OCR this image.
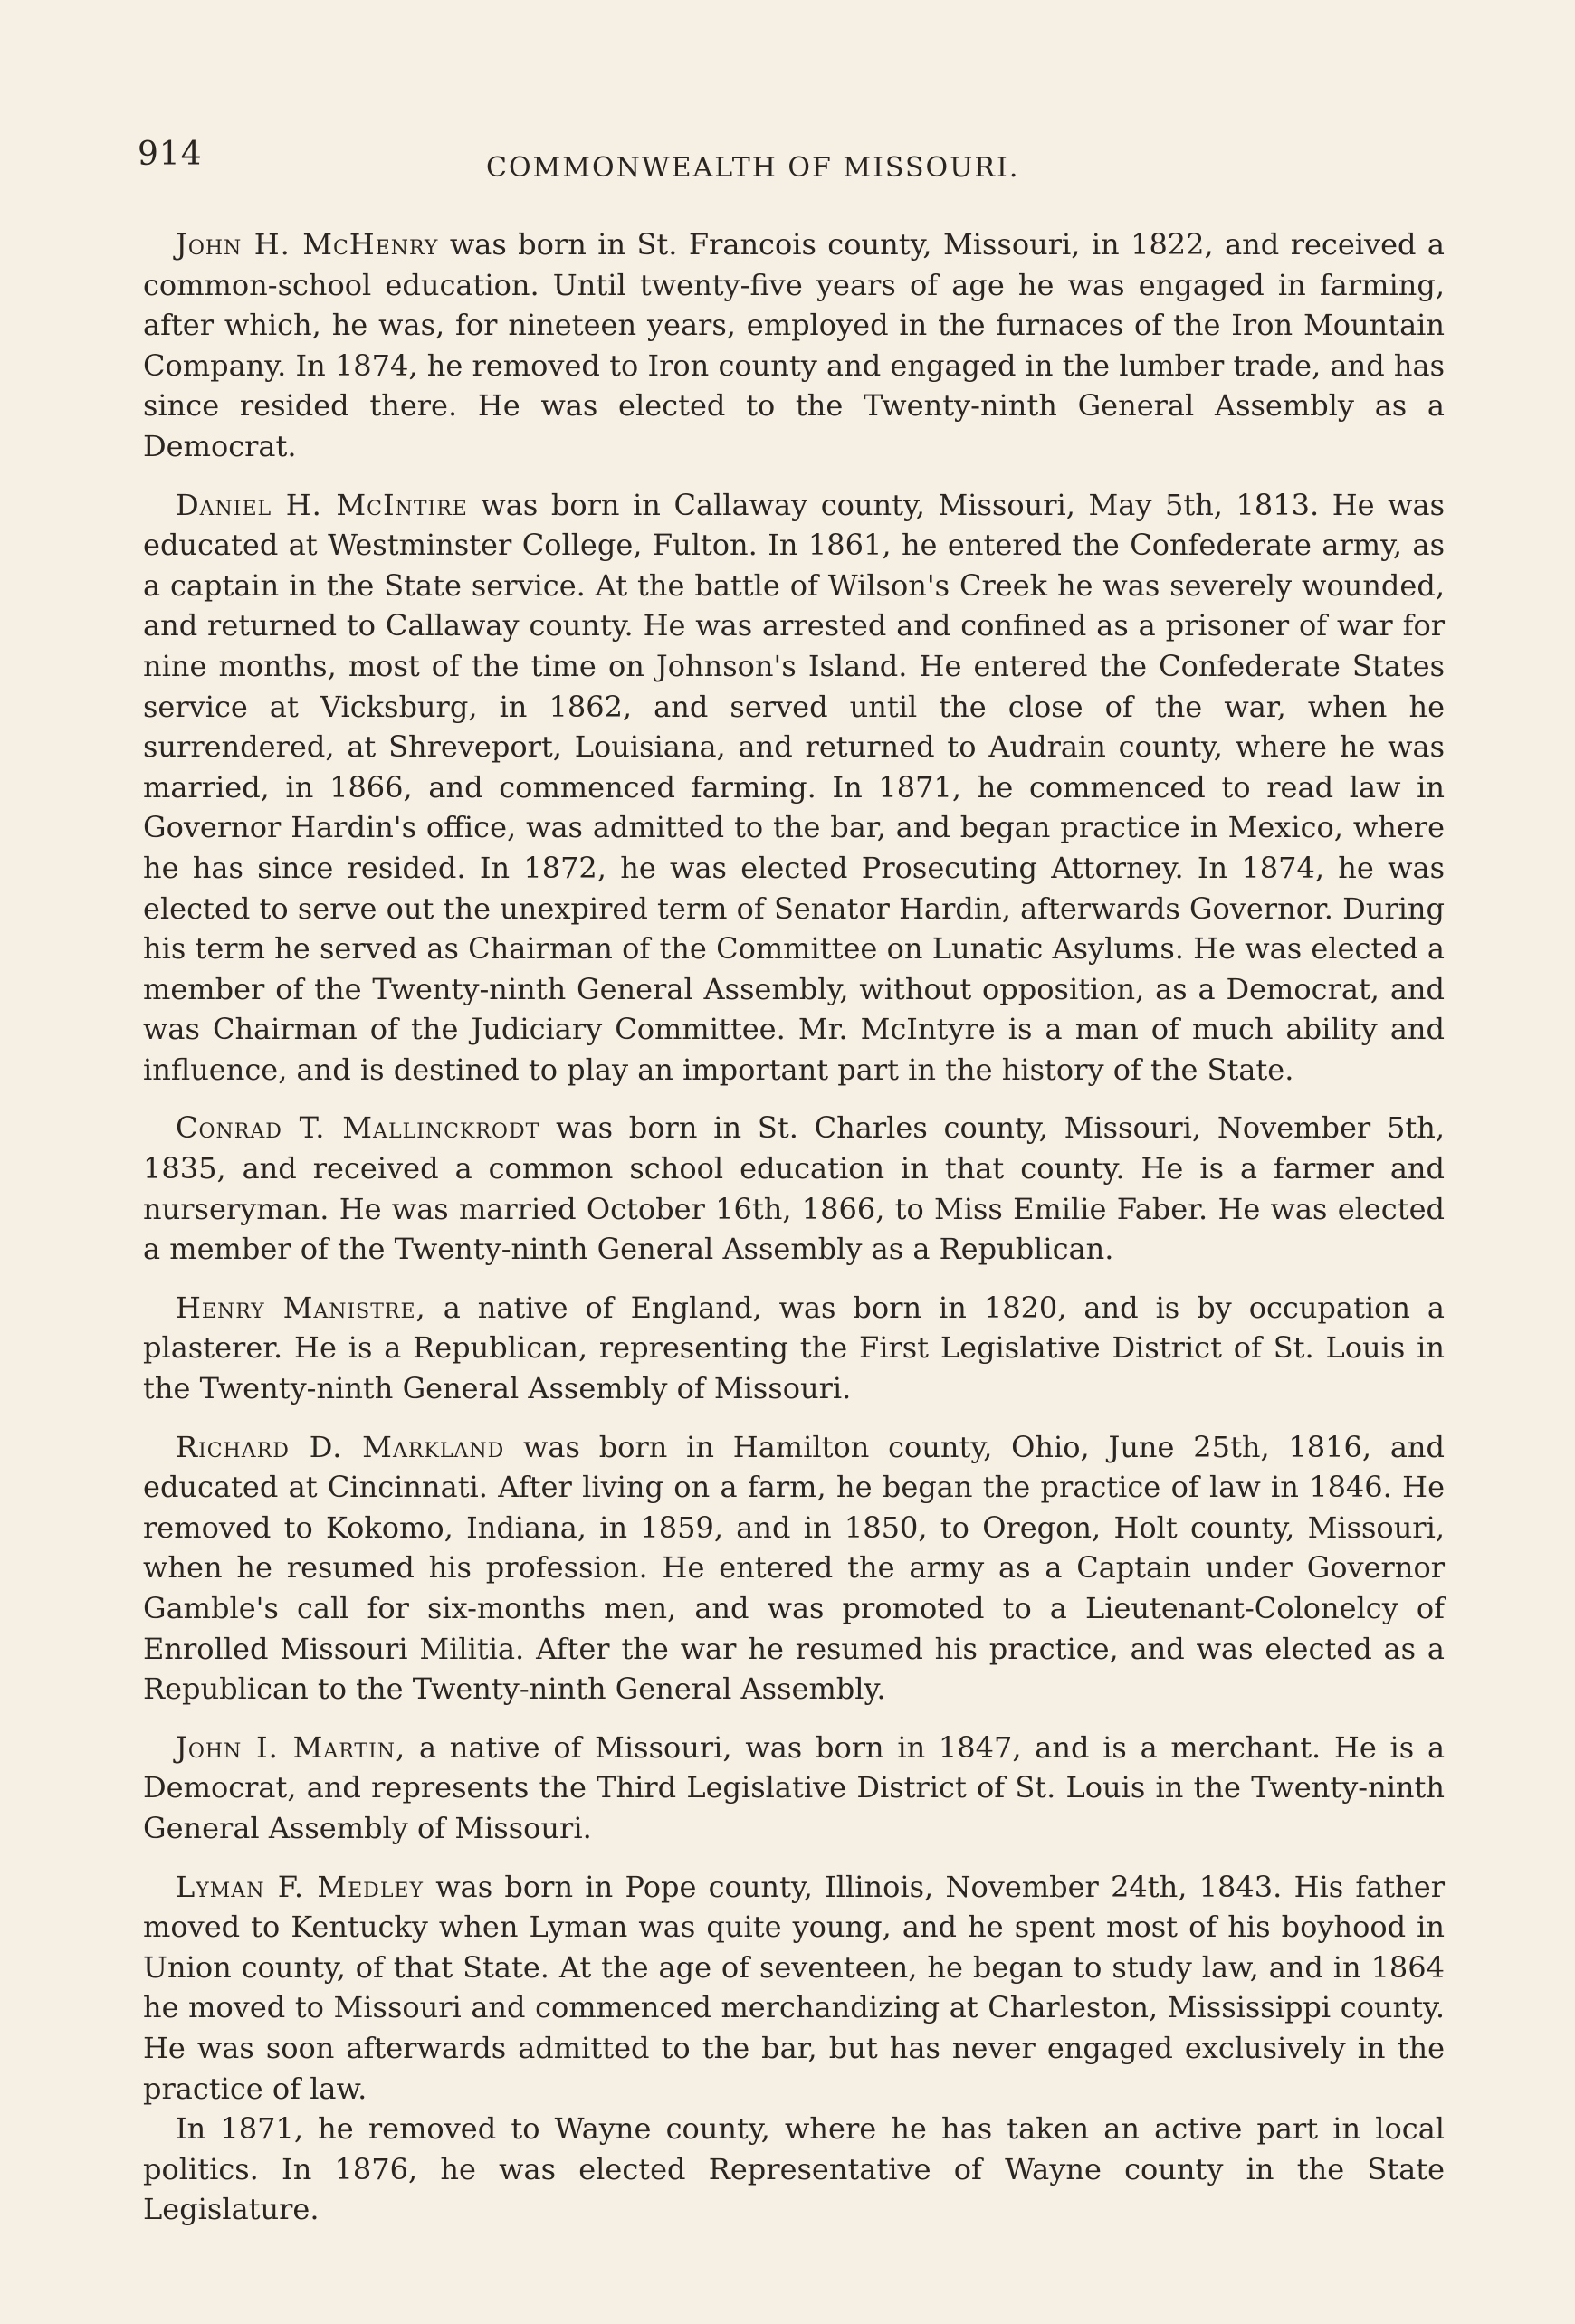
914	COMMONWEALTH OF MISSOURI.

John H. McHenry was born in St. Francois county, Missouri, in 1822, and received a common-school education. Until twenty-five years of age he was engaged in farming, after which, he was, for nineteen years, employed in the furnaces of the Iron Mountain Company. In 1874, he removed to Iron county and engaged in the lumber trade, and has since resided there. He was elected to the Twenty-ninth General Assembly as a Democrat.

Daniel H. McIntire was born in Callaway county, Missouri, May 5th, 1813. He was educated at Westminster College, Fulton. In 1861, he entered the Confederate army, as a captain in the State service. At the battle of Wilson's Creek he was severely wounded, and returned to Callaway county. He was arrested and confined as a prisoner of war for nine months, most of the time on Johnson's Island. He entered the Confederate States service at Vicksburg, in 1862, and served until the close of the war, when he surrendered, at Shreveport, Louisiana, and returned to Audrain county, where he was married, in 1866, and commenced farming. In 1871, he commenced to read law in Governor Hardin's office, was admitted to the bar, and began practice in Mexico, where he has since resided. In 1872, he was elected Prosecuting Attorney. In 1874, he was elected to serve out the unexpired term of Senator Hardin, afterwards Governor. During his term he served as Chairman of the Committee on Lunatic Asylums. He was elected a member of the Twenty-ninth General Assembly, without opposition, as a Democrat, and was Chairman of the Judiciary Committee. Mr. McIntyre is a man of much ability and influence, and is destined to play an important part in the history of the State.

Conrad T. Mallinckrodt was born in St. Charles county, Missouri, November 5th, 1835, and received a common school education in that county. He is a farmer and nurseryman. He was married October 16th, 1866, to Miss Emilie Faber. He was elected a member of the Twenty-ninth General Assembly as a Republican.

Henry Manistre, a native of England, was born in 1820, and is by occupation a plasterer. He is a Republican, representing the First Legislative District of St. Louis in the Twenty-ninth General Assembly of Missouri.

Richard D. Markland was born in Hamilton county, Ohio, June 25th, 1816, and educated at Cincinnati. After living on a farm, he began the practice of law in 1846. He removed to Kokomo, Indiana, in 1859, and in 1850, to Oregon, Holt county, Missouri, when he resumed his profession. He entered the army as a Captain under Governor Gamble's call for six-months men, and was promoted to a Lieutenant-Colonelcy of Enrolled Missouri Militia. After the war he resumed his practice, and was elected as a Republican to the Twenty-ninth General Assembly.

John I. Martin, a native of Missouri, was born in 1847, and is a merchant. He is a Democrat, and represents the Third Legislative District of St. Louis in the Twenty-ninth General Assembly of Missouri.

Lyman F. Medley was born in Pope county, Illinois, November 24th, 1843. His father moved to Kentucky when Lyman was quite young, and he spent most of his boyhood in Union county, of that State. At the age of seventeen, he began to study law, and in 1864 he moved to Missouri and commenced merchandizing at Charleston, Mississippi county. He was soon afterwards admitted to the bar, but has never engaged exclusively in the practice of law.

In 1871, he removed to Wayne county, where he has taken an active part in local politics. In 1876, he was elected Representative of Wayne county in the State Legislature.
